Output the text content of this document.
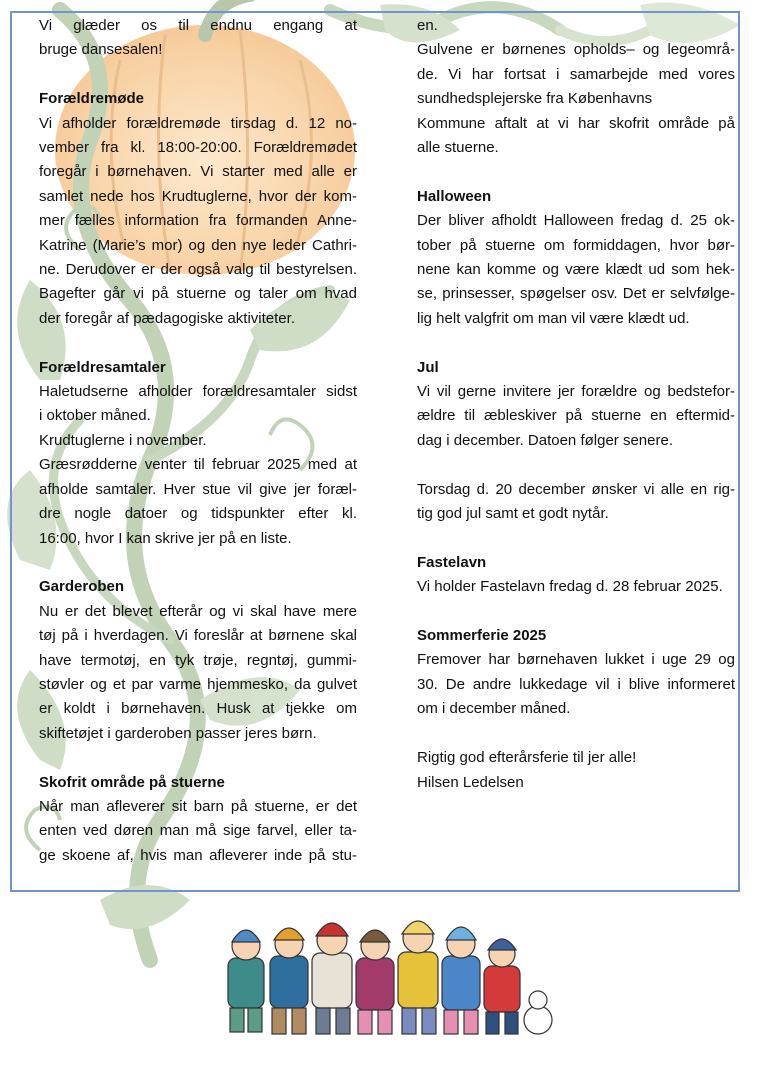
Vi glæder os til endnu engang at
bruge dansesalen!
Forældremøde
Vi afholder forældremøde tirsdag d. 12 no-
vember fra kl. 18:00-20:00. Forældremødet
foregår i børnehaven. Vi starter med alle er
samlet nede hos Krudtuglerne, hvor der kom-
mer fælles information fra formanden Anne-
Katrine (Marie’s mor) og den nye leder Cathri-
ne. Derudover er der også valg til bestyrelsen.
Bagefter går vi på stuerne og taler om hvad
der foregår af pædagogiske aktiviteter.
Forældresamtaler
Haletudserne afholder forældresamtaler sidst
i oktober måned.
Krudtuglerne i november.
Græsrødderne venter til februar 2025 med at
afholde samtaler. Hver stue vil give jer foræl-
dre nogle datoer og tidspunkter efter kl.
16:00, hvor I kan skrive jer på en liste.
Garderoben
Nu er det blevet efterår og vi skal have mere
tøj på i hverdagen. Vi foreslår at børnene skal
have termotøj, en tyk trøje, regntøj, gummi-
støvler og et par varme hjemmesko, da gulvet
er koldt i børnehaven. Husk at tjekke om
skiftetøjet i garderoben passer jeres børn.
Skofrit område på stuerne
Når man afleverer sit barn på stuerne, er det
enten ved døren man må sige farvel, eller ta-
ge skoene af, hvis man afleverer inde på stu-
en.
Gulvene er børnenes opholds– og legeområ-
de. Vi har fortsat i samarbejde med vores
sundhedsplejerske fra Københavns
Kommune aftalt at vi har skofrit område på
alle stuerne.
Halloween
Der bliver afholdt Halloween fredag d. 25 ok-
tober på stuerne om formiddagen, hvor bør-
nene kan komme og være klædt ud som hek-
se, prinsesser, spøgelser osv. Det er selvfølge-
lig helt valgfrit om man vil være klædt ud.
Jul
Vi vil gerne invitere jer forældre og bedstefor-
ældre til æbleskiver på stuerne en eftermid-
dag i december. Datoen følger senere.
Torsdag d. 20 december ønsker vi alle en rig-
tig god jul samt et godt nytår.
Fastelavn
Vi holder Fastelavn fredag d. 28 februar 2025.
Sommerferie 2025
Fremover har børnehaven lukket i uge 29 og
30. De andre lukkedage vil i blive informeret
om i december måned.
Rigtig god efterårsferie til jer alle!
Hilsen Ledelsen
